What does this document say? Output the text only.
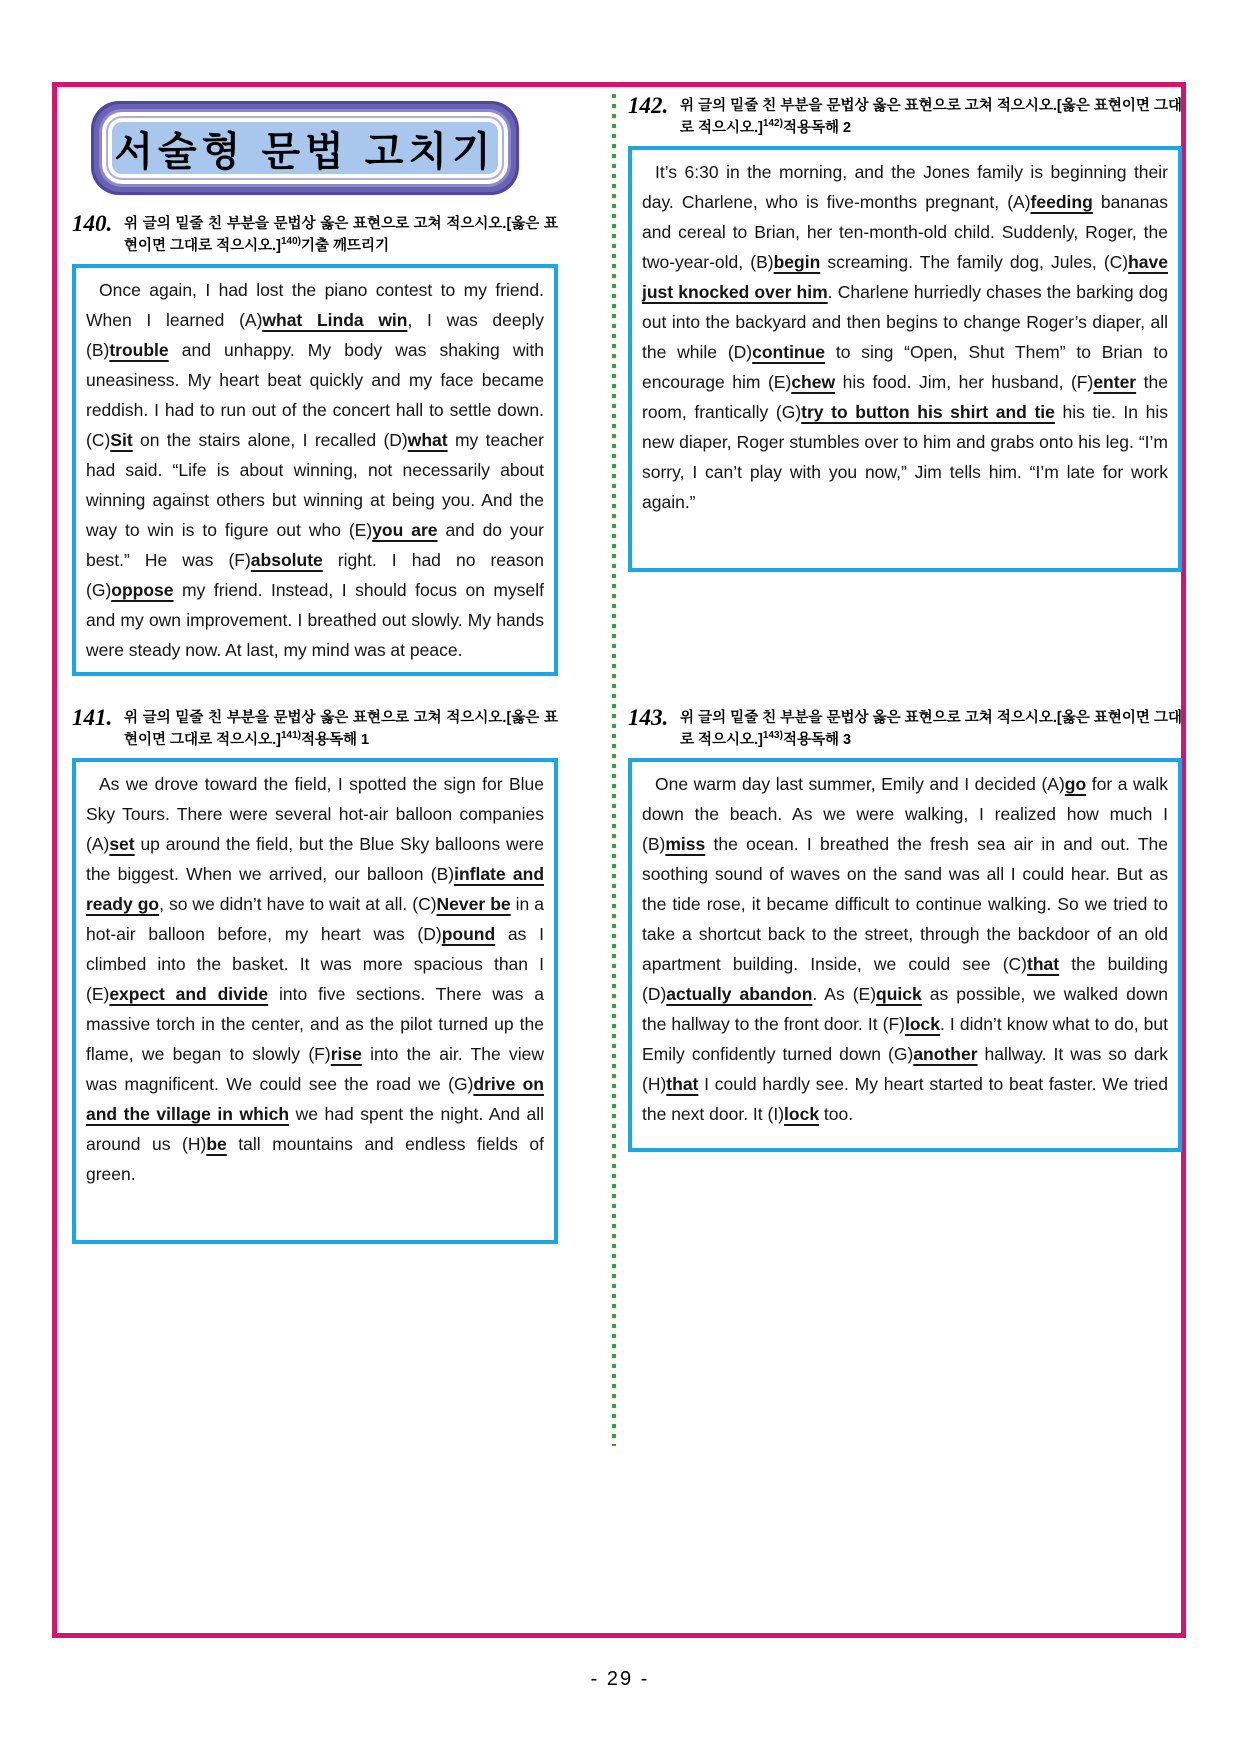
서술형 문법 고치기
140. 위 글의 밑줄 친 부분을 문법상 옳은 표현으로 고쳐 적으시오.[옳은 표현이면 그대로 적으시오.]$^{140)}$기출 깨뜨리기

Once again, I had lost the piano contest to my friend. When I learned (A)what Linda win, I was deeply (B)trouble and unhappy. My body was shaking with uneasiness. My heart beat quickly and my face became reddish. I had to run out of the concert hall to settle down. (C)Sit on the stairs alone, I recalled (D)what my teacher had said. “Life is about winning, not necessarily about winning against others but winning at being you. And the way to win is to figure out who (E)you are and do your best.” He was (F)absolute right. I had no reason (G)oppose my friend. Instead, I should focus on myself and my own improvement. I breathed out slowly. My hands were steady now. At last, my mind was at peace.

141. 위 글의 밑줄 친 부분을 문법상 옳은 표현으로 고쳐 적으시오.[옳은 표현이면 그대로 적으시오.]$^{141)}$적용독해 1

As we drove toward the field, I spotted the sign for Blue Sky Tours. There were several hot-air balloon companies (A)set up around the field, but the Blue Sky balloons were the biggest. When we arrived, our balloon (B)inflate and ready go, so we didn’t have to wait at all. (C)Never be in a hot-air balloon before, my heart was (D)pound as I climbed into the basket. It was more spacious than I (E)expect and divide into five sections. There was a massive torch in the center, and as the pilot turned up the flame, we began to slowly (F)rise into the air. The view was magnificent. We could see the road we (G)drive on and the village in which we had spent the night. And all around us (H)be tall mountains and endless fields of green.

142. 위 글의 밑줄 친 부분을 문법상 옳은 표현으로 고쳐 적으시오.[옳은 표현이면 그대로 적으시오.]$^{142)}$적용독해 2

It’s 6:30 in the morning, and the Jones family is beginning their day. Charlene, who is five-months pregnant, (A)feeding bananas and cereal to Brian, her ten-month-old child. Suddenly, Roger, the two-year-old, (B)begin screaming. The family dog, Jules, (C)have just knocked over him. Charlene hurriedly chases the barking dog out into the backyard and then begins to change Roger’s diaper, all the while (D)continue to sing “Open, Shut Them” to Brian to encourage him (E)chew his food. Jim, her husband, (F)enter the room, frantically (G)try to button his shirt and tie his tie. In his new diaper, Roger stumbles over to him and grabs onto his leg. “I’m sorry, I can’t play with you now,” Jim tells him. “I’m late for work again.”

143. 위 글의 밑줄 친 부분을 문법상 옳은 표현으로 고쳐 적으시오.[옳은 표현이면 그대로 적으시오.]$^{143)}$적용독해 3

One warm day last summer, Emily and I decided (A)go for a walk down the beach. As we were walking, I realized how much I (B)miss the ocean. I breathed the fresh sea air in and out. The soothing sound of waves on the sand was all I could hear. But as the tide rose, it became difficult to continue walking. So we tried to take a shortcut back to the street, through the backdoor of an old apartment building. Inside, we could see (C)that the building (D)actually abandon. As (E)quick as possible, we walked down the hallway to the front door. It (F)lock. I didn’t know what to do, but Emily confidently turned down (G)another hallway. It was so dark (H)that I could hardly see. My heart started to beat faster. We tried the next door. It (I)lock too.

- 29 -
